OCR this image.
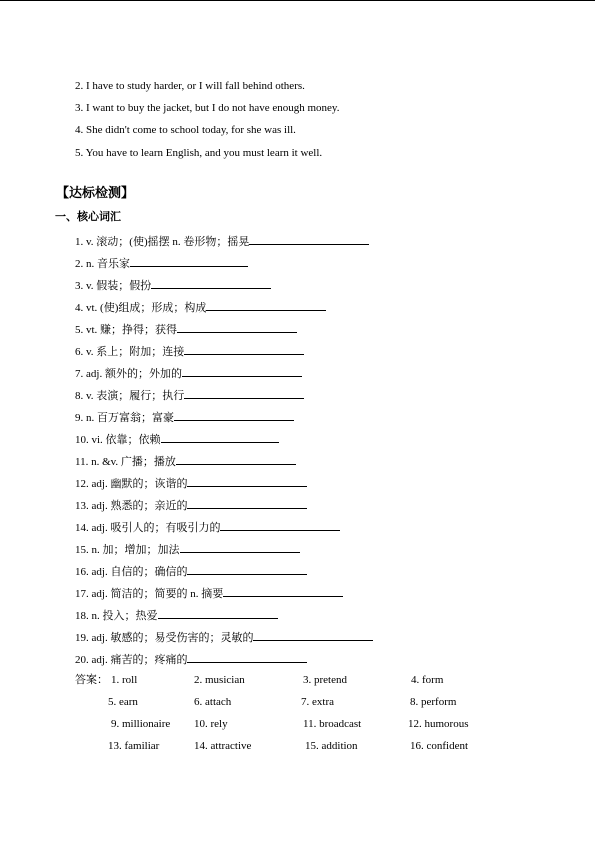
2. I have to study harder, or I will fall behind others.
3. I want to buy the jacket, but I do not have enough money.
4. She didn't come to school today, for she was ill.
5. You have to learn English, and you must learn it well.
【达标检测】
一、核心词汇
1. v. 滚动；(使)摇摆 n. 卷形物；摇晃
2. n. 音乐家
3. v. 假装；假扮
4. vt. (使)组成；形成；构成
5. vt. 赚；挣得；获得
6. v. 系上；附加；连接
7. adj. 额外的；外加的
8. v. 表演；履行；执行
9. n. 百万富翁；富豪
10. vi. 依靠；依赖
11. n. &v. 广播；播放
12. adj. 幽默的；诙谐的
13. adj. 熟悉的；亲近的
14. adj. 吸引人的；有吸引力的
15. n. 加；增加；加法
16. adj. 自信的；确信的
17. adj. 简洁的；简要的 n. 摘要
18. n. 投入；热爱
19. adj. 敏感的；易受伤害的；灵敏的
20. adj. 痛苦的；疼痛的
答案： 1. roll	2. musician	3. pretend	4. form
5. earn	6. attach	7. extra	8. perform
9. millionaire 10. rely	11. broadcast	12. humorous
13. familiar	14. attractive	15. addition	16. confident
